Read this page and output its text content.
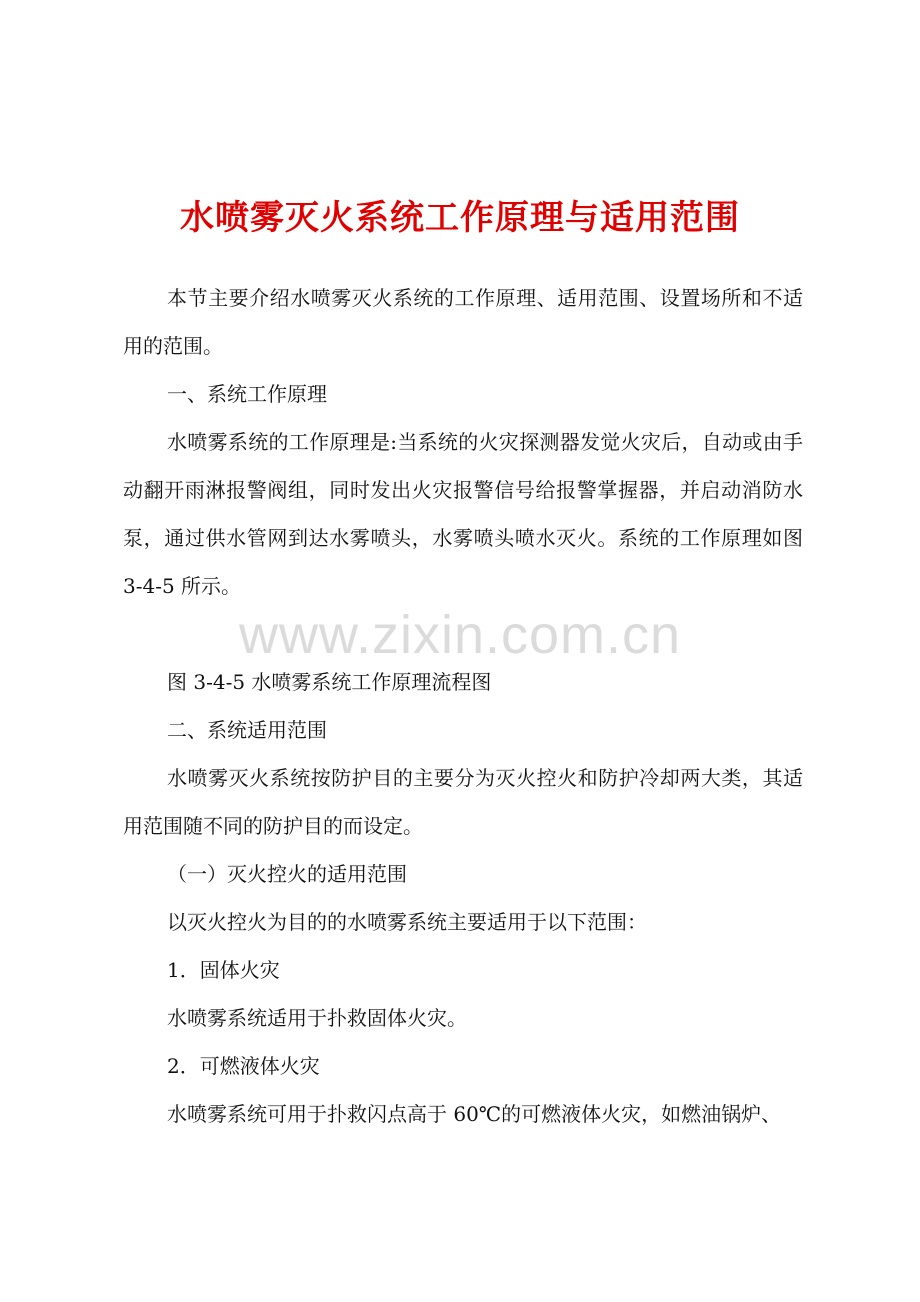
水喷雾灭火系统工作原理与适用范围

本节主要介绍水喷雾灭火系统的工作原理、适用范围、设置场所和不适用的范围。

一、系统工作原理

水喷雾系统的工作原理是:当系统的火灾探测器发觉火灾后，自动或由手动翻开雨淋报警阀组，同时发出火灾报警信号给报警掌握器，并启动消防水泵，通过供水管网到达水雾喷头，水雾喷头喷水灭火。系统的工作原理如图 3-4-5 所示。

图 3-4-5 水喷雾系统工作原理流程图

二、系统适用范围

水喷雾灭火系统按防护目的主要分为灭火控火和防护冷却两大类，其适用范围随不同的防护目的而设定。

（一）灭火控火的适用范围

以灭火控火为目的的水喷雾系统主要适用于以下范围：

1．固体火灾

水喷雾系统适用于扑救固体火灾。

2．可燃液体火灾

水喷雾系统可用于扑救闪点高于 60℃的可燃液体火灾，如燃油锅炉、

www.zixin.com.cn
